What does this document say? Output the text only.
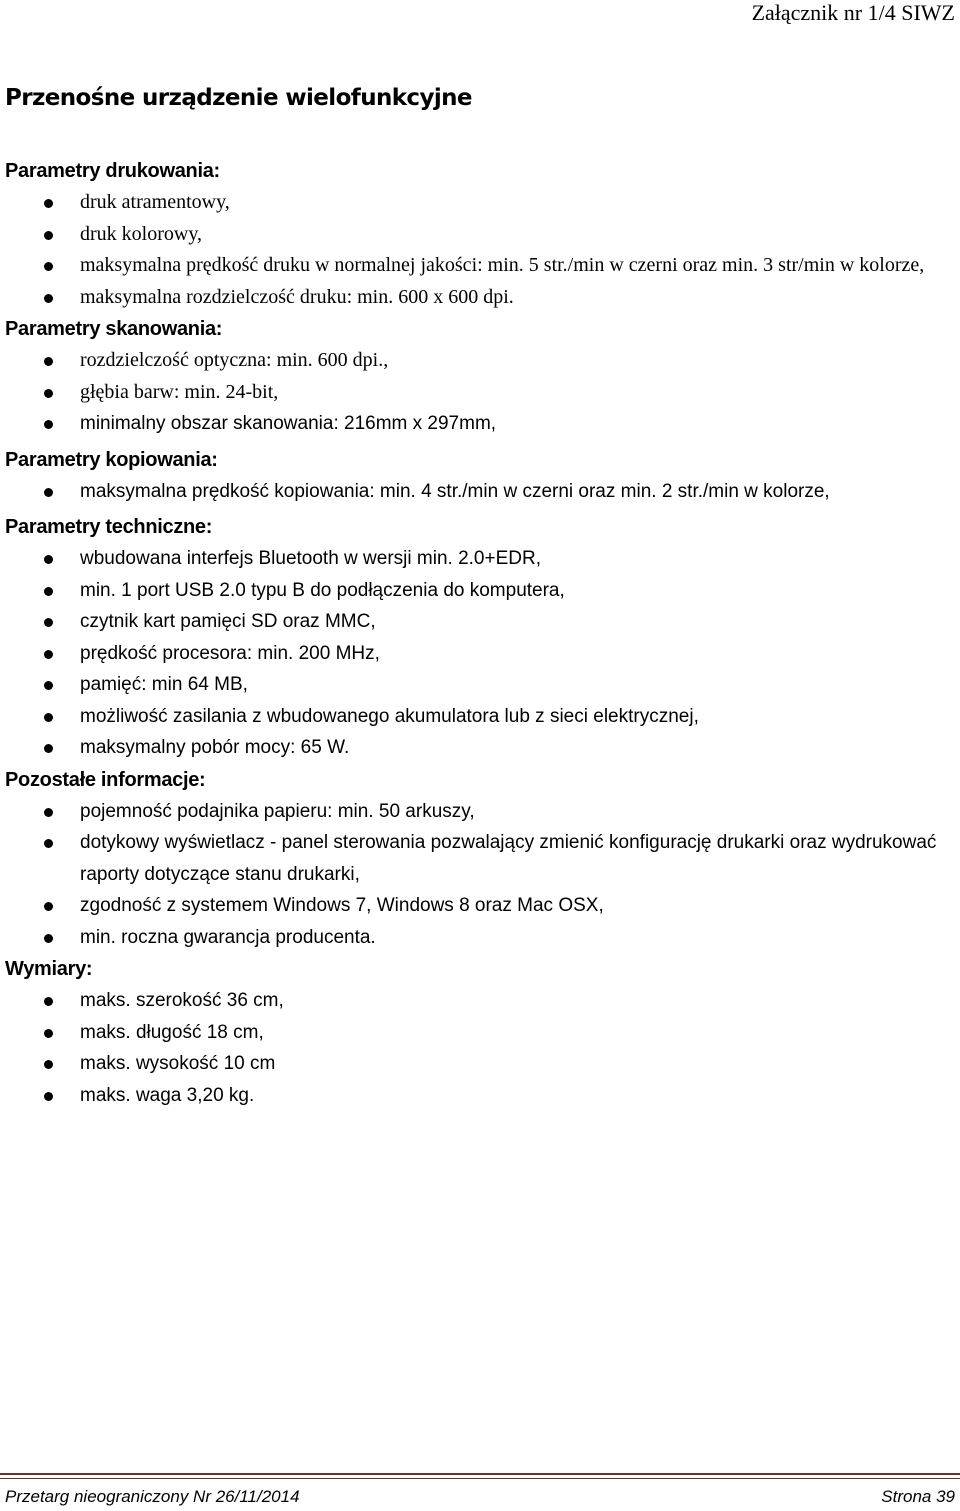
Załącznik nr 1/4 SIWZ
Przenośne urządzenie wielofunkcyjne
Parametry drukowania:
druk atramentowy,
druk kolorowy,
maksymalna prędkość druku w normalnej jakości: min. 5 str./min w czerni oraz min. 3 str/min w kolorze,
maksymalna rozdzielczość druku: min. 600 x 600 dpi.
Parametry skanowania:
rozdzielczość optyczna: min. 600 dpi.,
głębia barw: min. 24-bit,
minimalny obszar skanowania: 216mm x 297mm,
Parametry kopiowania:
maksymalna prędkość kopiowania: min. 4 str./min w czerni oraz min. 2 str./min w kolorze,
Parametry techniczne:
wbudowana interfejs Bluetooth w wersji min. 2.0+EDR,
min. 1 port USB 2.0 typu B do podłączenia do komputera,
czytnik kart pamięci SD oraz MMC,
prędkość procesora: min. 200 MHz,
pamięć: min 64 MB,
możliwość zasilania z wbudowanego akumulatora lub z sieci elektrycznej,
maksymalny pobór mocy: 65 W.
Pozostałe informacje:
pojemność podajnika papieru: min. 50 arkuszy,
dotykowy wyświetlacz - panel sterowania pozwalający zmienić konfigurację drukarki oraz wydrukować raporty dotyczące stanu drukarki,
zgodność z systemem Windows 7, Windows 8 oraz Mac OSX,
min. roczna gwarancja producenta.
Wymiary:
maks. szerokość 36 cm,
maks. długość 18 cm,
maks. wysokość 10 cm
maks. waga 3,20 kg.
Przetarg nieograniczony Nr 26/11/2014	Strona 39
